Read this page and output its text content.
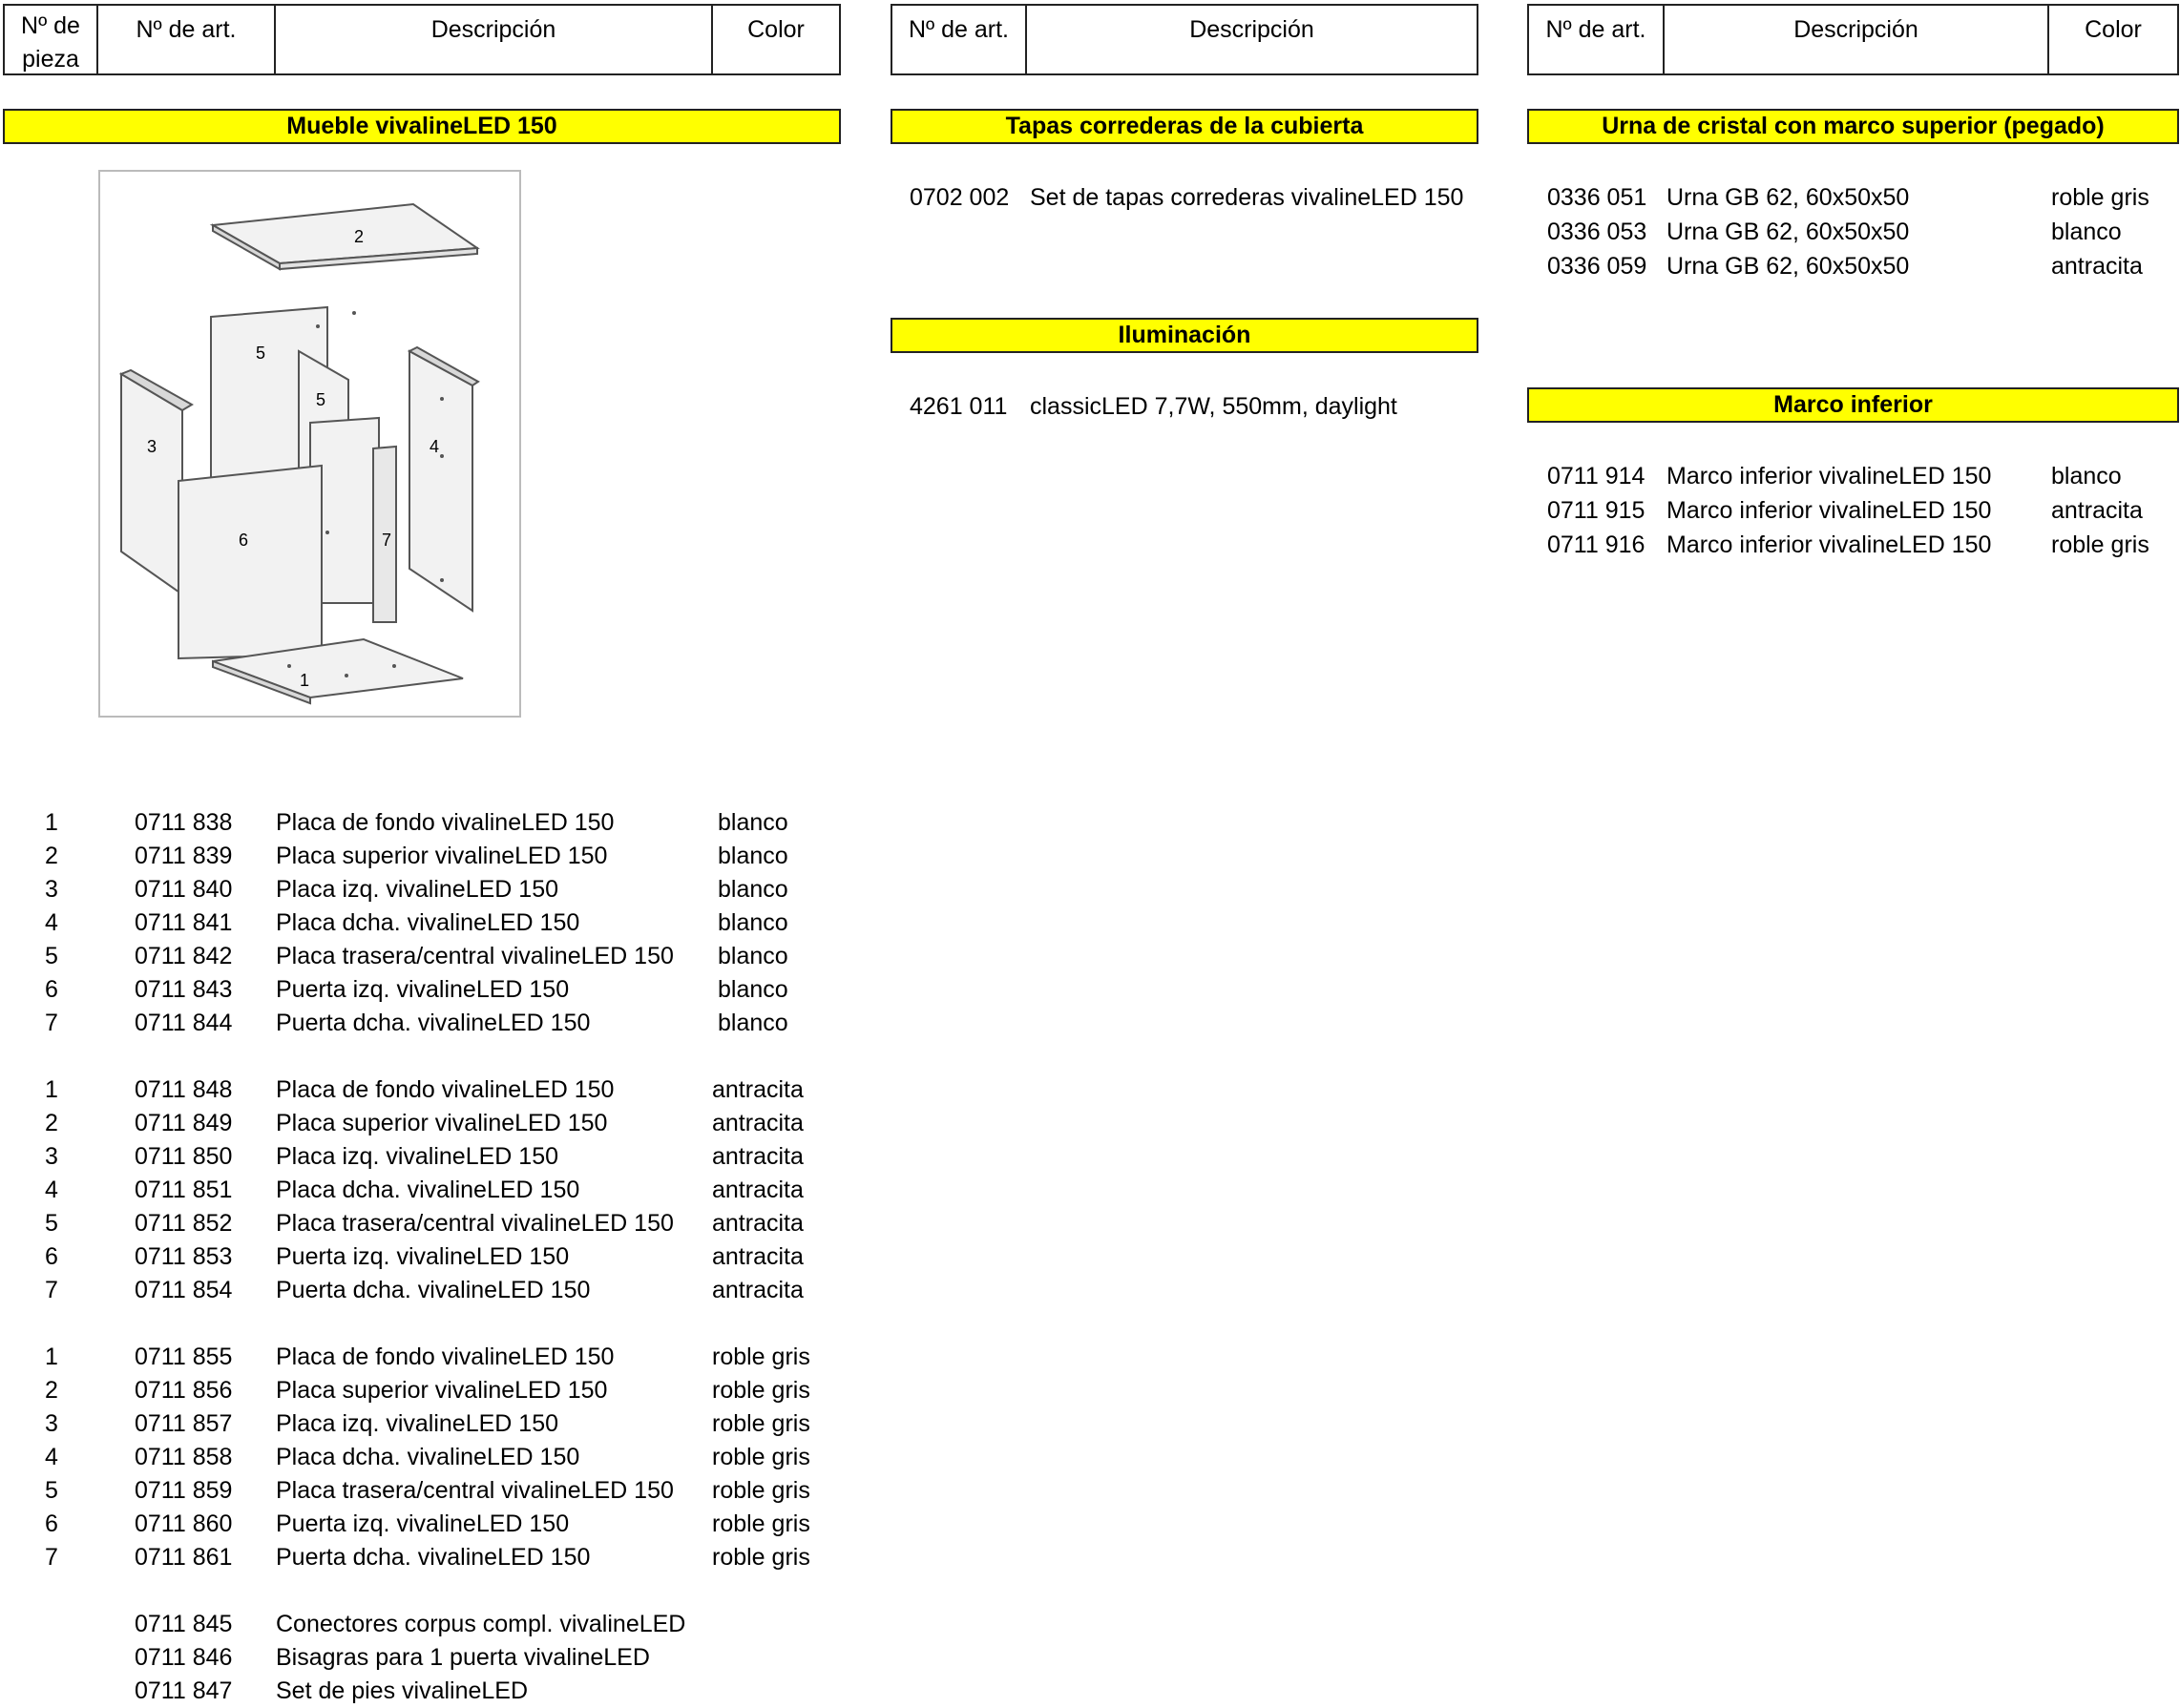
Nº de
pieza
Nº de art.	Descripción	Color	Nº de art.	Descripción	Nº de art.	Descripción	Color
Mueble vivalineLED 150	Tapas correderas de la cubierta
Iluminación
Urna de cristal con marco superior (pegado)
Marco inferior
2
5
5
3	4
6	7
1
0702 002 Set de tapas correderas vivalineLED 150
4261 011 classicLED 7,7W, 550mm, daylight
0336 051 Urna GB 62, 60x50x50	roble gris
0336 053 Urna GB 62, 60x50x50	blanco
0336 059 Urna GB 62, 60x50x50	antracita
0711 914 Marco inferior vivalineLED 150	blanco
0711 915 Marco inferior vivalineLED 150	antracita
0711 916 Marco inferior vivalineLED 150	roble gris
1	0711 838 Placa de fondo vivalineLED 150	blanco
2	0711 839 Placa superior vivalineLED 150	blanco
3	0711 840 Placa izq. vivalineLED 150	blanco
4	0711 841 Placa dcha. vivalineLED 150	blanco
5	0711 842 Placa trasera/central vivalineLED 150 blanco
6	0711 843 Puerta izq. vivalineLED 150	blanco
7	0711 844 Puerta dcha. vivalineLED 150	blanco
1	0711 848 Placa de fondo vivalineLED 150	antracita
2	0711 849 Placa superior vivalineLED 150	antracita
3	0711 850 Placa izq. vivalineLED 150	antracita
4	0711 851 Placa dcha. vivalineLED 150	antracita
5	0711 852 Placa trasera/central vivalineLED 150 antracita
6	0711 853 Puerta izq. vivalineLED 150	antracita
7	0711 854 Puerta dcha. vivalineLED 150	antracita
1	0711 855 Placa de fondo vivalineLED 150	roble gris
2	0711 856 Placa superior vivalineLED 150	roble gris
3	0711 857 Placa izq. vivalineLED 150	roble gris
4	0711 858 Placa dcha. vivalineLED 150	roble gris
5	0711 859 Placa trasera/central vivalineLED 150 roble gris
6	0711 860 Puerta izq. vivalineLED 150	roble gris
7	0711 861 Puerta dcha. vivalineLED 150	roble gris
0711 845 Conectores corpus compl. vivalineLED
0711 846 Bisagras para 1 puerta vivalineLED
0711 847 Set de pies vivalineLED
